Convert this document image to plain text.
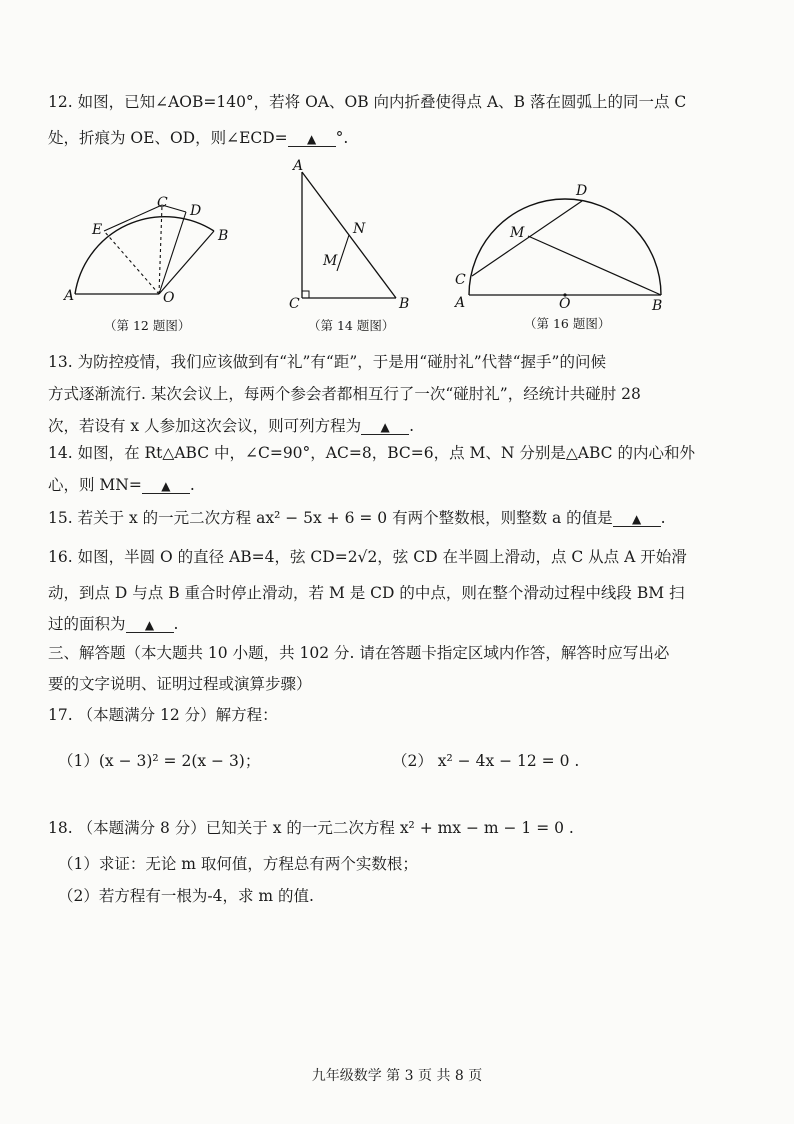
12. 如图，已知∠AOB=140°，若将 OA、OB 向内折叠使得点 A、B 落在圆弧上的同一点 C
处，折痕为 OE、OD，则∠ECD= ▲ °.
A	O
B
C D
E
（第 12 题图）
A
C	B
N
M
（第 14 题图）
A	B
O
C
D
M
（第 16 题图）
13. 为防控疫情，我们应该做到有“礼”有“距”，于是用“碰肘礼”代替“握手”的问候
方式逐渐流行. 某次会议上，每两个参会者都相互行了一次“碰肘礼”，经统计共碰肘 28
次，若设有 x 人参加这次会议，则可列方程为 ▲ .
14. 如图，在 Rt△ABC 中，∠C=90°，AC=8，BC=6，点 M、N 分别是△ABC 的内心和外
心，则 MN= ▲ .
15. 若关于 x 的一元二次方程 ax² − 5x + 6 = 0 有两个整数根，则整数 a 的值是 ▲ .
16. 如图，半圆 O 的直径 AB=4，弦 CD=2√2，弦 CD 在半圆上滑动，点 C 从点 A 开始滑
动，到点 D 与点 B 重合时停止滑动，若 M 是 CD 的中点，则在整个滑动过程中线段 BM 扫
过的面积为 ▲ .
三、解答题（本大题共 10 小题，共 102 分. 请在答题卡指定区域内作答，解答时应写出必
要的文字说明、证明过程或演算步骤）
17. （本题满分 12 分）解方程：
（1）(x − 3)² = 2(x − 3)；	（2） x² − 4x − 12 = 0 .
18. （本题满分 8 分）已知关于 x 的一元二次方程 x² + mx − m − 1 = 0 .
（1）求证：无论 m 取何值，方程总有两个实数根；
（2）若方程有一根为-4，求 m 的值.
九年级数学 第 3 页 共 8 页
